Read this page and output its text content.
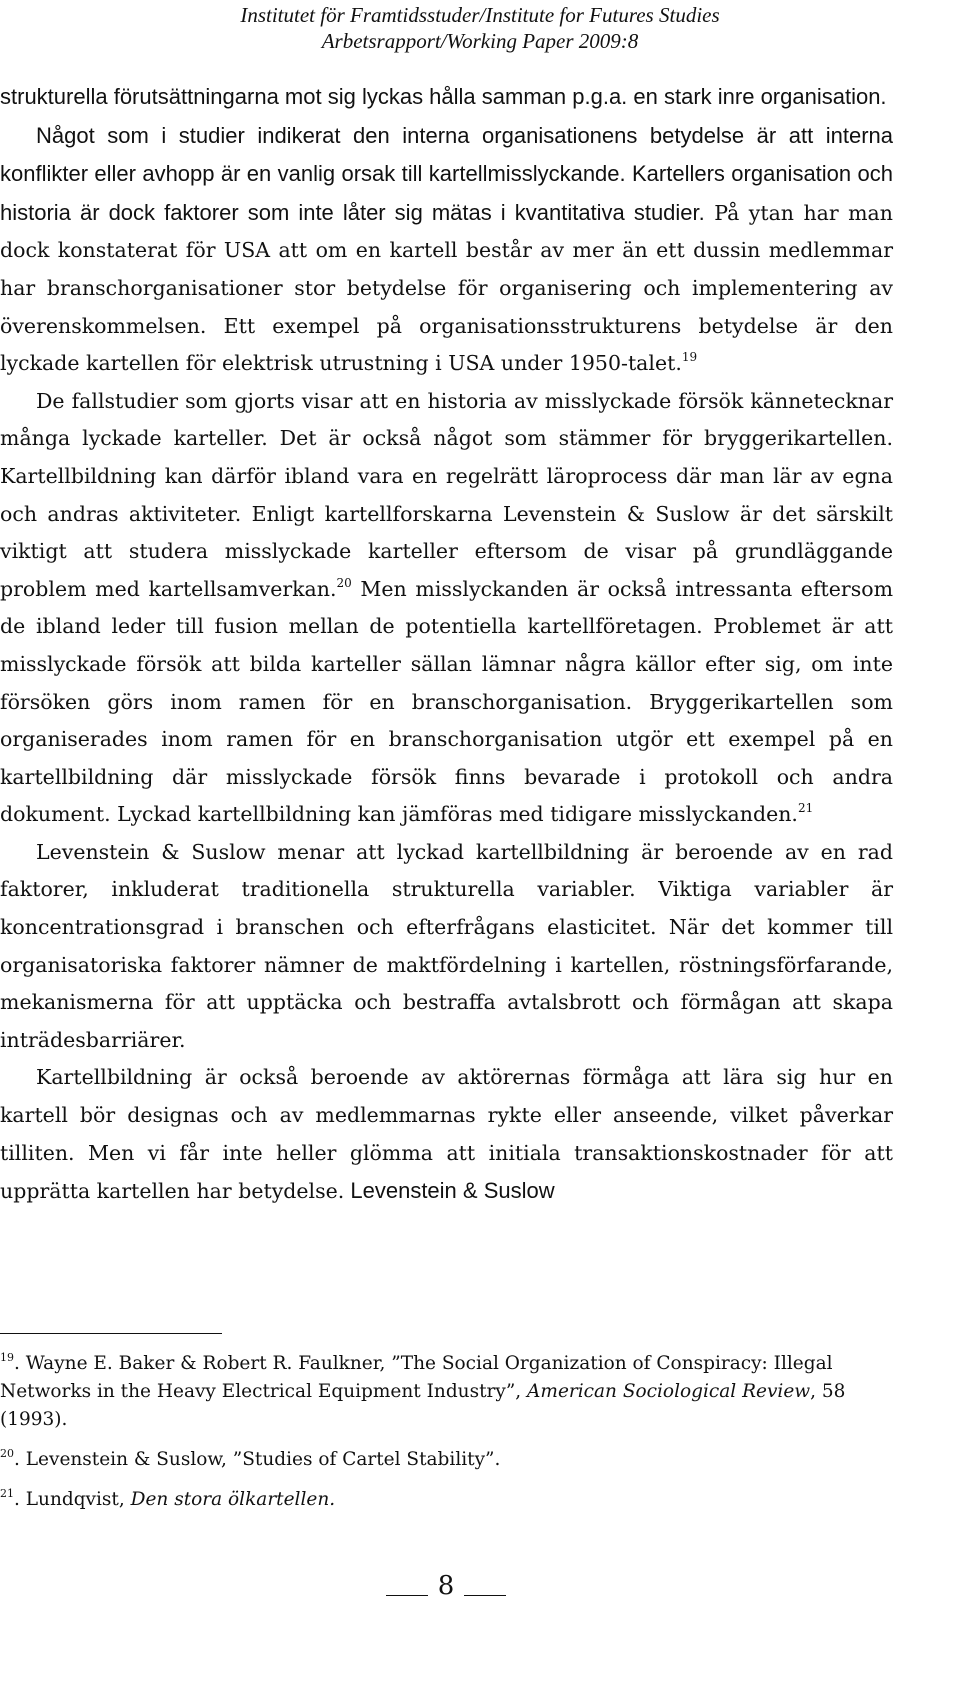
Institutet för Framtidsstuder/Institute for Futures Studies
Arbetsrapport/Working Paper 2009:8

strukturella förutsättningarna mot sig lyckas hålla samman p.g.a. en stark inre organisation.

Något som i studier indikerat den interna organisationens betydelse är att interna konflikter eller avhopp är en vanlig orsak till kartellmisslyckande. Kartellers organisation och historia är dock faktorer som inte låter sig mätas i kvantitativa studier. På ytan har man dock konstaterat för USA att om en kartell består av mer än ett dussin medlemmar har branschorganisationer stor betydelse för organisering och implementering av överenskommelsen. Ett exempel på organisationsstrukturens betydelse är den lyckade kartellen för elektrisk utrustning i USA under 1950-talet.$^{19}$

De fallstudier som gjorts visar att en historia av misslyckade försök kännetecknar många lyckade karteller. Det är också något som stämmer för bryggerikartellen. Kartellbildning kan därför ibland vara en regelrätt läroprocess där man lär av egna och andras aktiviteter. Enligt kartellforskarna Levenstein & Suslow är det särskilt viktigt att studera misslyckade karteller eftersom de visar på grundläggande problem med kartellsamverkan.$^{20}$ Men misslyckanden är också intressanta eftersom de ibland leder till fusion mellan de potentiella kartellföretagen. Problemet är att misslyckade försök att bilda karteller sällan lämnar några källor efter sig, om inte försöken görs inom ramen för en branschorganisation. Bryggerikartellen som organiserades inom ramen för en branschorganisation utgör ett exempel på en kartellbildning där misslyckade försök finns bevarade i protokoll och andra dokument. Lyckad kartellbildning kan jämföras med tidigare misslyckanden.$^{21}$

Levenstein & Suslow menar att lyckad kartellbildning är beroende av en rad faktorer, inkluderat traditionella strukturella variabler. Viktiga variabler är koncentrationsgrad i branschen och efterfrågans elasticitet. När det kommer till organisatoriska faktorer nämner de maktfördelning i kartellen, röstningsförfarande, mekanismerna för att upptäcka och bestraffa avtalsbrott och förmågan att skapa inträdesbarriärer.

Kartellbildning är också beroende av aktörernas förmåga att lära sig hur en kartell bör designas och av medlemmarnas rykte eller anseende, vilket påverkar tilliten. Men vi får inte heller glömma att initiala transaktionskostnader för att upprätta kartellen har betydelse. Levenstein & Suslow

$^{19}$. Wayne E. Baker & Robert R. Faulkner, ”The Social Organization of Conspiracy: Illegal Networks in the Heavy Electrical Equipment Industry”, American Sociological Review, 58 (1993).

$^{20}$. Levenstein & Suslow, ”Studies of Cartel Stability”.

$^{21}$. Lundqvist, Den stora ölkartellen.

8
